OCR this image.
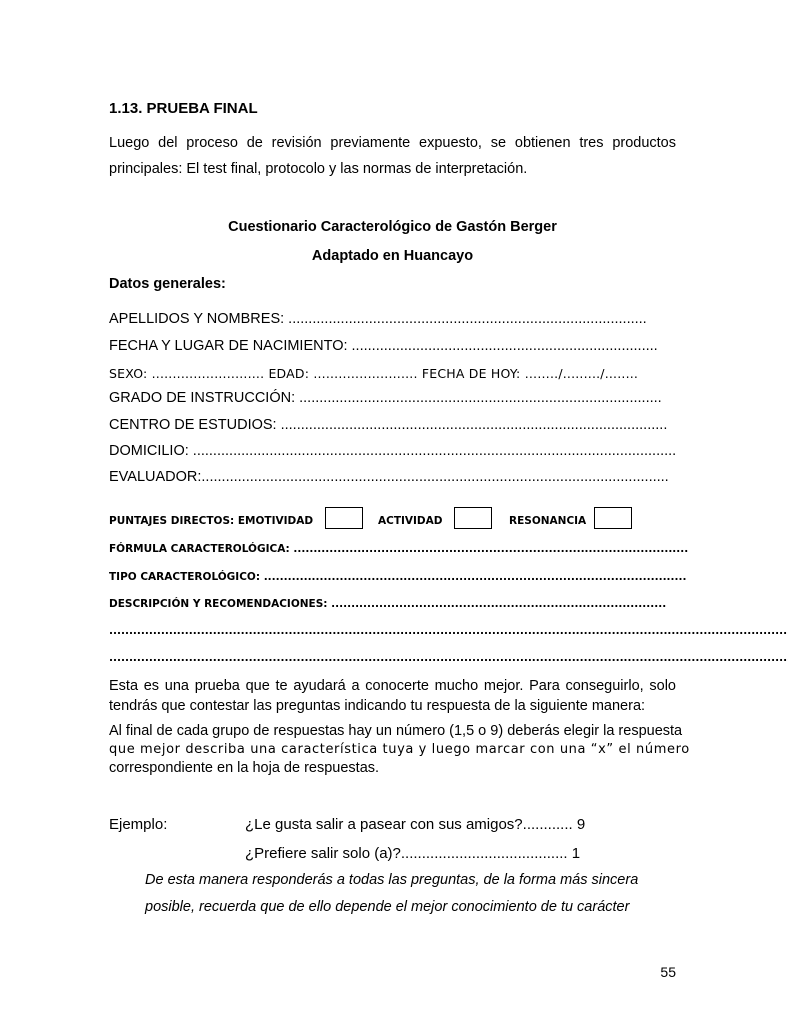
1.13. PRUEBA FINAL
Luego del proceso de revisión previamente expuesto, se obtienen tres productos principales: El test final, protocolo y las normas de interpretación.
Cuestionario Caracterológico de Gastón Berger
Adaptado en Huancayo
Datos generales:
APELLIDOS Y NOMBRES: .........................................................................................
FECHA Y LUGAR DE NACIMIENTO: ............................................................................
SEXO: ........................... EDAD: ......................... FECHA DE HOY: ……../........./........
GRADO DE INSTRUCCIÓN: ..........................................................................................
CENTRO DE ESTUDIOS: ................................................................................................
DOMICILIO: ........................................................................................................................
EVALUADOR:....................................................................................................................
PUNTAJES DIRECTOS: EMOTIVIDAD	ACTIVIDAD	RESONANCIA
FÓRMULA CARACTEROLÓGICA: ...................................................................................................
TIPO CARACTEROLÓGICO: ..........................................................................................................
DESCRIPCIÓN Y RECOMENDACIONES: ....................................................................................
..........................................................................................................................................................................
..........................................................................................................................................................................
Esta es una prueba que te ayudará a conocerte mucho mejor. Para conseguirlo, solo tendrás que contestar las preguntas indicando tu respuesta de la siguiente manera:
Al final de cada grupo de respuestas hay un número (1,5 o 9) deberás elegir la respuesta
que mejor describa una característica tuya y luego marcar con una “x” el número
correspondiente en la hoja de respuestas.
Ejemplo:	¿Le gusta salir a pasear con sus amigos?............ 9
¿Prefiere salir solo (a)?........................................ 1
De esta manera responderás a todas las preguntas, de la forma más sincera
posible, recuerda que de ello depende el mejor conocimiento de tu carácter
55
